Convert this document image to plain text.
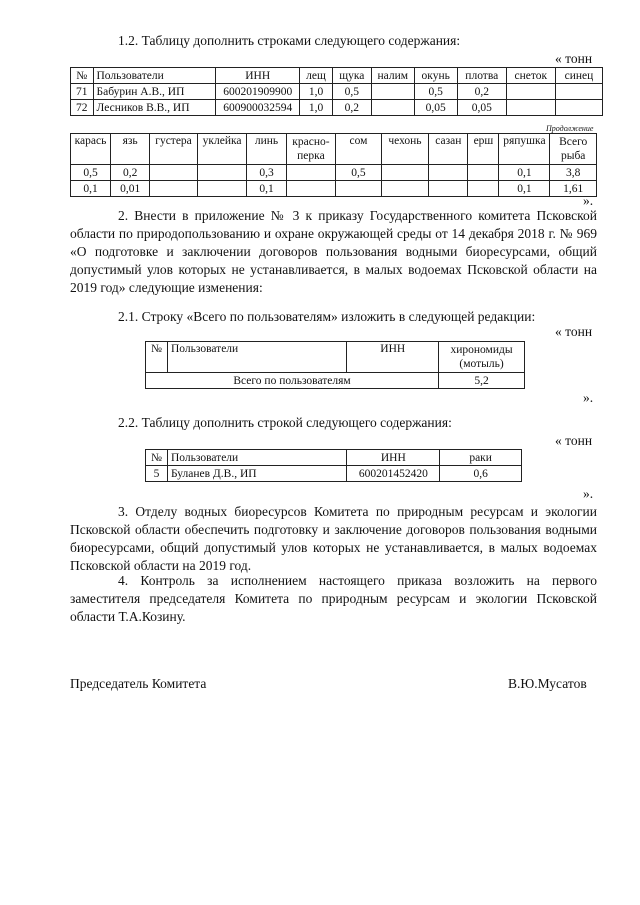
1.2. Таблицу дополнить строками следующего содержания:
« тонн
№	Пользователи	ИНН	лещ	щука	налим	окунь	плотва	снеток	синец
71	Бабурин А.В., ИП	600201909900	1,0	0,5		0,5	0,2		
72	Лесников В.В., ИП	600900032594	1,0	0,2		0,05	0,05		
Продолжение
карась	язь	густера	уклейка	линь	красно-перка	сом	чехонь	сазан	ерш	ряпушка	Всего рыба
0,5	0,2			0,3		0,5				0,1	3,8
0,1	0,01			0,1						0,1	1,61
».
2. Внести в приложение № 3 к приказу Государственного комитета Псковской области по природопользованию и охране окружающей среды от 14 декабря 2018 г. № 969 «О подготовке и заключении договоров пользования водными биоресурсами, общий допустимый улов которых не устанавливается, в малых водоемах Псковской области на 2019 год» следующие изменения:
2.1. Строку «Всего по пользователям» изложить в следующей редакции:
« тонн
№	Пользователи	ИНН	хирономиды (мотыль)
Всего по пользователям			5,2
».
2.2. Таблицу дополнить строкой следующего содержания:
« тонн
№	Пользователи	ИНН	раки
5	Буланев Д.В., ИП	600201452420	0,6
».
3. Отделу водных биоресурсов Комитета по природным ресурсам и экологии Псковской области обеспечить подготовку и заключение договоров пользования водными биоресурсами, общий допустимый улов которых не устанавливается, в малых водоемах Псковской области на 2019 год.
4. Контроль за исполнением настоящего приказа возложить на первого заместителя председателя Комитета по природным ресурсам и экологии Псковской области Т.А.Козину.
Председатель Комитета	В.Ю.Мусатов
